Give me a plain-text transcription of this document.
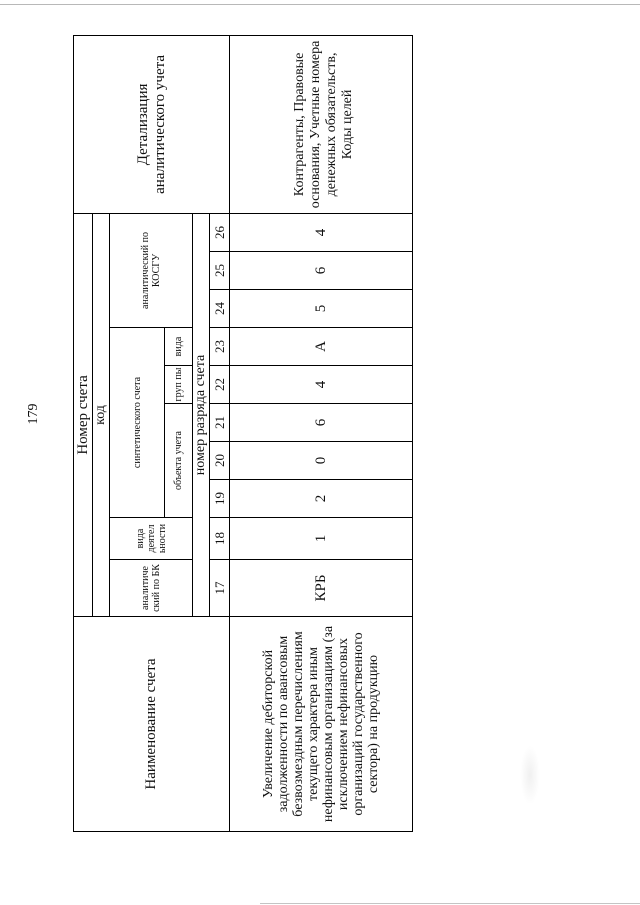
179
Наименование счета	Номер счета										Детализация аналитического учета
	код										
	аналитиче ский по БК	вида деятел ьности	синтетического счета					аналитический по КОСГУ			
			объекта учета			груп пы	вида				
	номер разряда счета										
	17	18	19	20	21	22	23	24	25	26	
Увеличение дебиторской задолженности по авансовым безвозмездным перечислениям текущего характера иным нефинансовым организациям (за исключением нефинансовых организаций государственного сектора) на продукцию	КРБ	1	2	0	6	4	А	5	6	4	Контрагенты, Правовые основания, Учетные номера денежных обязательств, Коды целей
